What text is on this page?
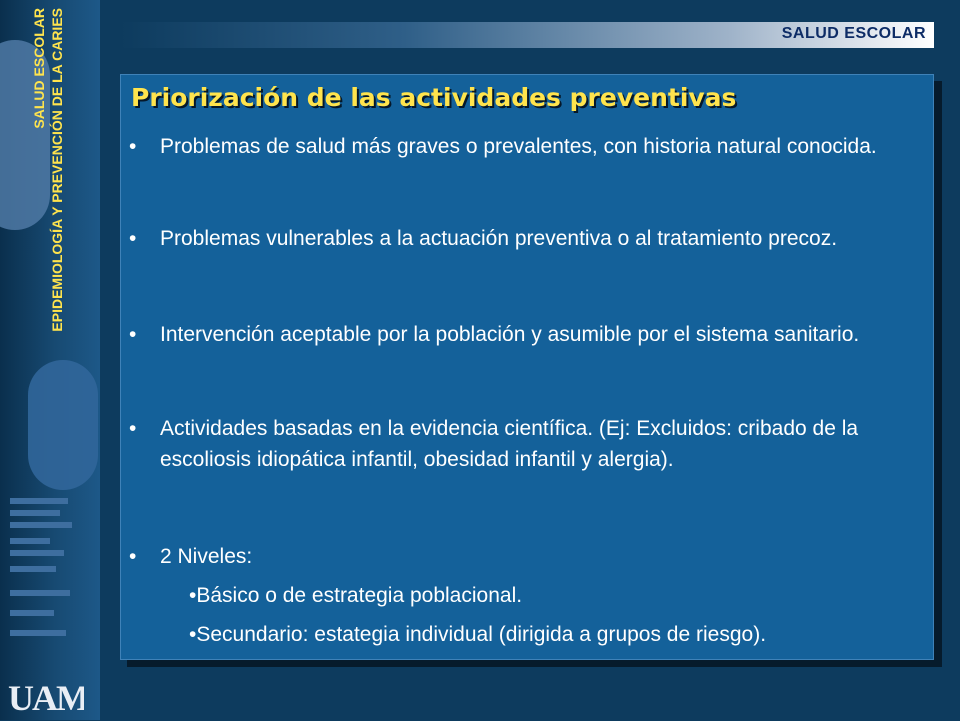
SALUD ESCOLAR EPIDEMIOLOGÍA Y PREVENCIÓN DE LA CARIES
UAM
SALUD ESCOLAR
Priorización de las actividades preventivas
• Problemas de salud más graves o prevalentes, con historia natural conocida.
• Problemas vulnerables a la actuación preventiva o al tratamiento precoz.
• Intervención aceptable por la población y asumible por el sistema sanitario.
• Actividades basadas en la evidencia científica. (Ej: Excluidos: cribado de la escoliosis idiopática infantil, obesidad infantil y alergia).
• 2 Niveles:
•Básico o de estrategia poblacional.
•Secundario: estategia individual (dirigida a grupos de riesgo).
